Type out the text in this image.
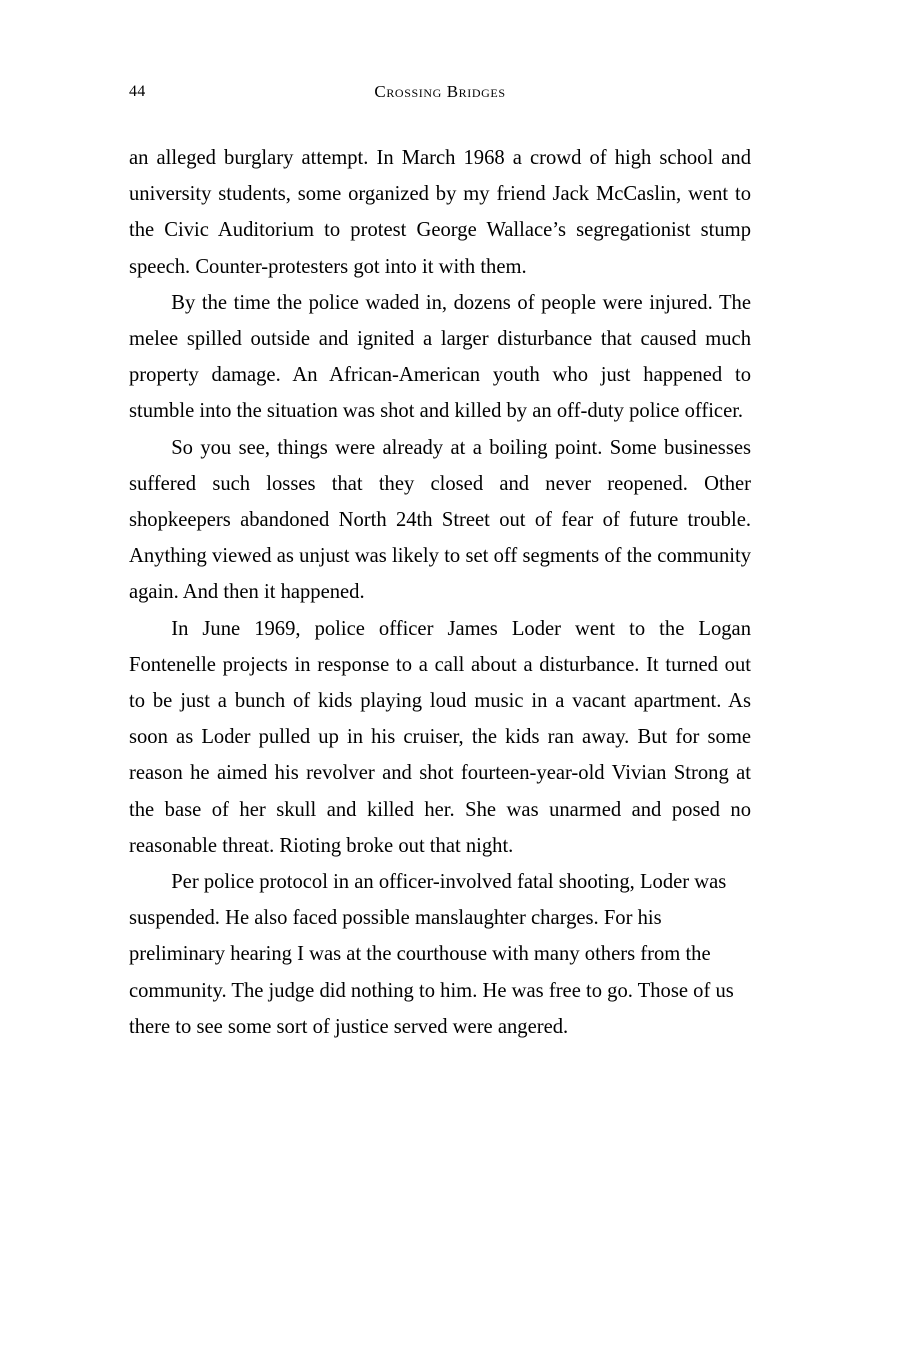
44	Crossing Bridges

an alleged burglary attempt. In March 1968 a crowd of high school and university students, some organized by my friend Jack McCaslin, went to the Civic Auditorium to protest George Wallace’s segregationist stump speech. Counter-protesters got into it with them.

By the time the police waded in, dozens of people were injured. The melee spilled outside and ignited a larger disturbance that caused much property damage. An African-American youth who just happened to stumble into the situation was shot and killed by an off-duty police officer.

So you see, things were already at a boiling point. Some businesses suffered such losses that they closed and never reopened. Other shopkeepers abandoned North 24th Street out of fear of future trouble. Anything viewed as unjust was likely to set off segments of the community again. And then it happened.

In June 1969, police officer James Loder went to the Logan Fontenelle projects in response to a call about a disturbance. It turned out to be just a bunch of kids playing loud music in a vacant apartment. As soon as Loder pulled up in his cruiser, the kids ran away. But for some reason he aimed his revolver and shot fourteen-year-old Vivian Strong at the base of her skull and killed her. She was unarmed and posed no reasonable threat. Rioting broke out that night.

Per police protocol in an officer-involved fatal shooting, Loder was suspended. He also faced possible manslaughter charges. For his preliminary hearing I was at the courthouse with many others from the community. The judge did nothing to him. He was free to go. Those of us there to see some sort of justice served were angered.
